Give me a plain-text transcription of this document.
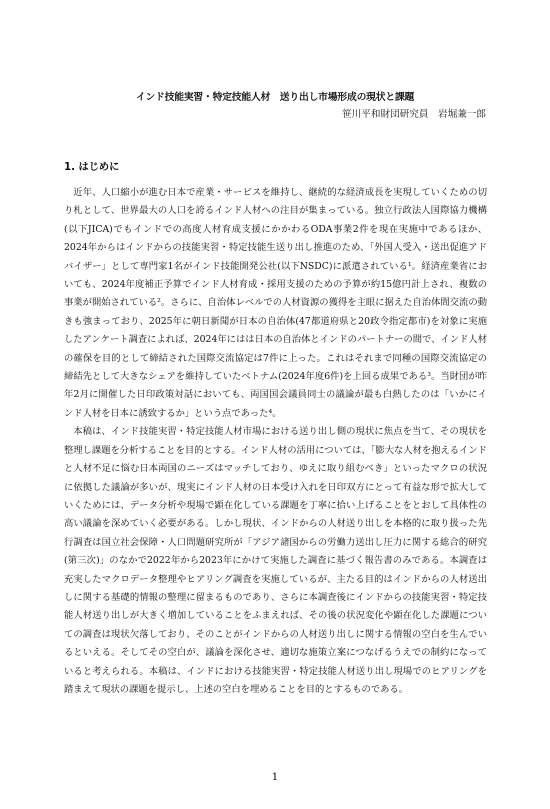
インド技能実習・特定技能人材　送り出し市場形成の現状と課題
笹川平和財団研究員　岩堀兼一郎
1. はじめに

近年、人口縮小が進む日本で産業・サービスを維持し、継続的な経済成長を実現していくための切り札として、世界最大の人口を誇るインド人材への注目が集まっている。独立行政法人国際協力機構(以下JICA)でもインドでの高度人材育成支援にかかわるODA事業2件を現在実施中であるほか、2024年からはインドからの技能実習・特定技能生送り出し推進のため、「外国人受入・送出促進アドバイザー」として専門家1名がインド技能開発公社(以下NSDC)に派遣されている¹。経済産業省においても、2024年度補正予算でインド人材育成・採用支援のための予算が約15億円計上され、複数の事業が開始されている²。さらに、自治体レベルでの人材資源の獲得を主眼に据えた自治体間交流の動きも強まっており、2025年に朝日新聞が日本の自治体(47都道府県と20政令指定都市)を対象に実施したアンケート調査によれば、2024年にはは日本の自治体とインドのパートナーの間で、インド人材の確保を目的として締結された国際交流協定は7件に上った。これはそれまで同種の国際交流協定の締結先として大きなシェアを維持していたベトナム(2024年度6件)を上回る成果である³。当財団が昨年2月に開催した日印政策対話においても、両国国会議員同士の議論が最も白熱したのは「いかにインド人材を日本に誘致するか」という点であった⁴。

本稿は、インド技能実習・特定技能人材市場における送り出し側の現状に焦点を当て、その現状を整理し課題を分析することを目的とする。インド人材の活用については、「膨大な人材を抱えるインドと人材不足に悩む日本両国のニーズはマッチしており、ゆえに取り組むべき」といったマクロの状況に依拠した議論が多いが、現実にインド人材の日本受け入れを日印双方にとって有益な形で拡大していくためには、データ分析や現場で顕在化している課題を丁寧に拾い上げることをとおして具体性の高い議論を深めていく必要がある。しかし現状、インドからの人材送り出しを本格的に取り扱った先行調査は国立社会保障・人口問題研究所が「アジア諸国からの労働力送出し圧力に関する総合的研究(第三次)」のなかで2022年から2023年にかけて実施した調査に基づく報告書のみである。本調査は充実したマクロデータ整理やヒアリング調査を実施しているが、主たる目的はインドからの人材送出しに関する基礎的情報の整理に留まるものであり、さらに本調査後にインドからの技能実習・特定技能人材送り出しが大きく増加していることをふまえれば、その後の状況変化や顕在化した課題についての調査は現状欠落しており、そのことがインドからの人材送り出しに関する情報の空白を生んでいるといえる。そしてその空白が、議論を深化させ、適切な施策立案につなげるうえでの制約になっていると考えられる。本稿は、インドにおける技能実習・特定技能人材送り出し現場でのヒアリングを踏まえて現状の課題を提示し、上述の空白を埋めることを目的とするものである。

1
